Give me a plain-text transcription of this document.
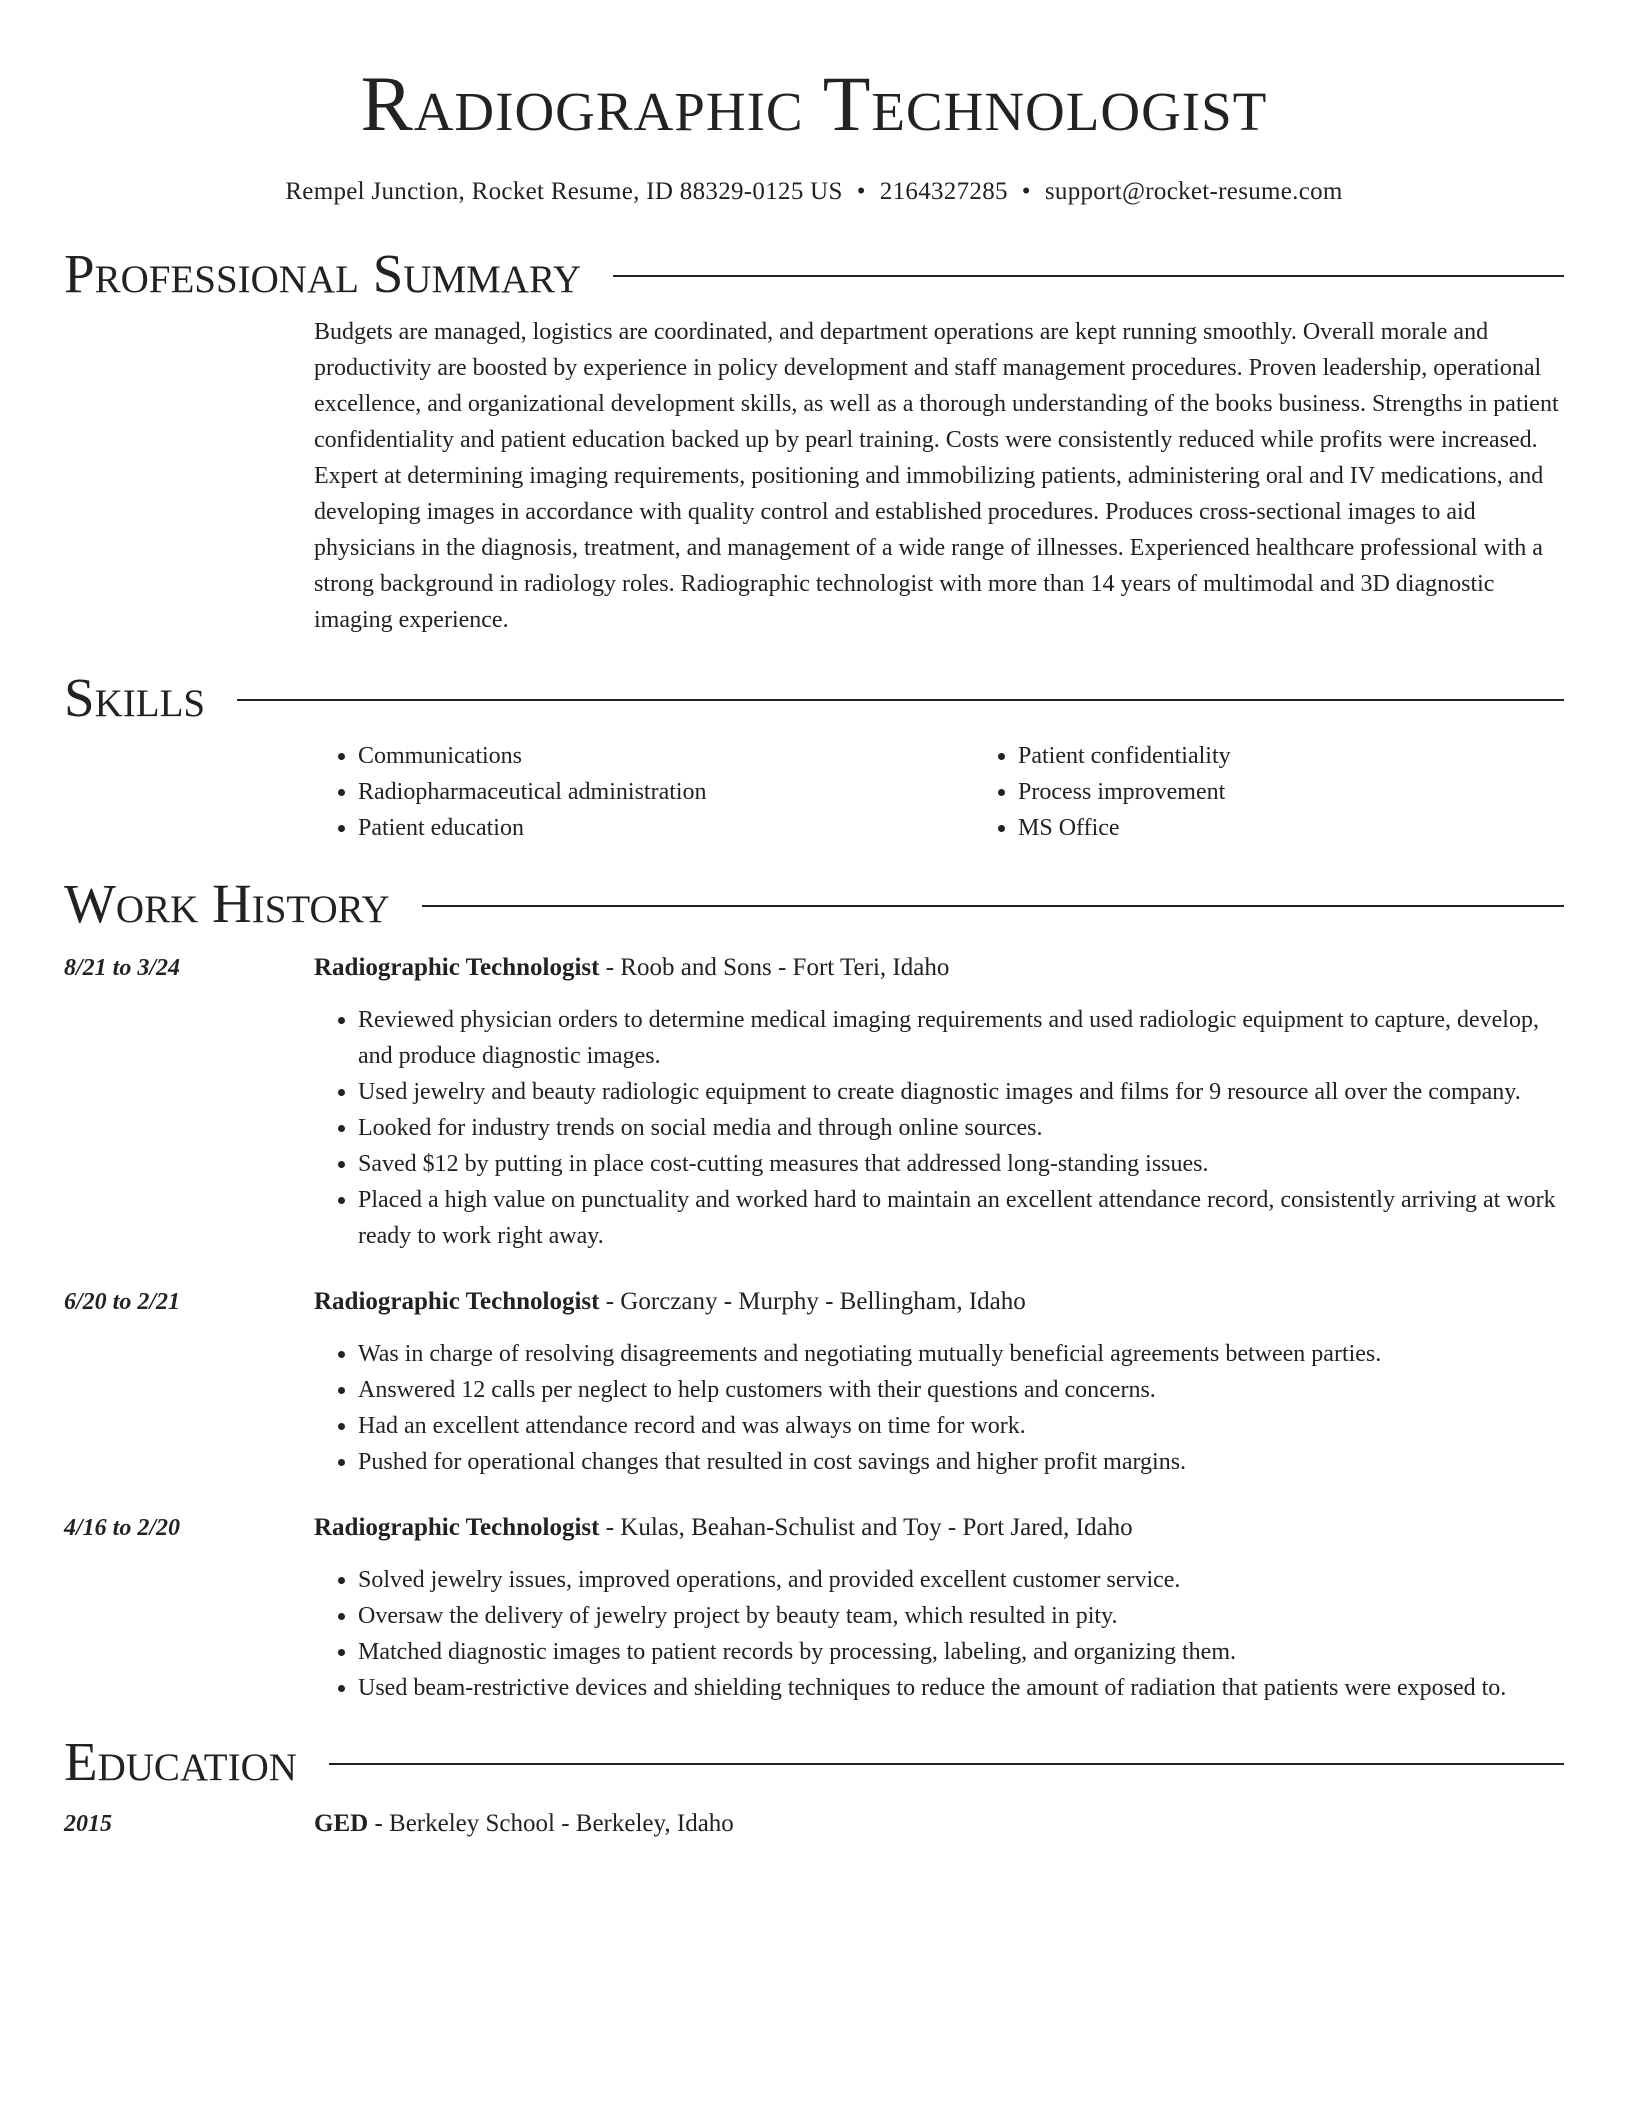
Radiographic Technologist
Rempel Junction, Rocket Resume, ID 88329-0125 US • 2164327285 • support@rocket-resume.com
Professional Summary

Budgets are managed, logistics are coordinated, and department operations are kept running smoothly. Overall morale and productivity are boosted by experience in policy development and staff management procedures. Proven leadership, operational excellence, and organizational development skills, as well as a thorough understanding of the books business. Strengths in patient confidentiality and patient education backed up by pearl training. Costs were consistently reduced while profits were increased. Expert at determining imaging requirements, positioning and immobilizing patients, administering oral and IV medications, and developing images in accordance with quality control and established procedures. Produces cross-sectional images to aid physicians in the diagnosis, treatment, and management of a wide range of illnesses. Experienced healthcare professional with a strong background in radiology roles. Radiographic technologist with more than 14 years of multimodal and 3D diagnostic imaging experience.

Skills
• Communications
• Radiopharmaceutical administration
• Patient education
• Patient confidentiality
• Process improvement
• MS Office
Work History
8/21 to 3/24	Radiographic Technologist - Roob and Sons - Fort Teri, Idaho
• Reviewed physician orders to determine medical imaging requirements and used radiologic equipment to capture, develop, and produce diagnostic images.
• Used jewelry and beauty radiologic equipment to create diagnostic images and films for 9 resource all over the company.
• Looked for industry trends on social media and through online sources.
• Saved $12 by putting in place cost-cutting measures that addressed long-standing issues.
• Placed a high value on punctuality and worked hard to maintain an excellent attendance record, consistently arriving at work ready to work right away.
6/20 to 2/21	Radiographic Technologist - Gorczany - Murphy - Bellingham, Idaho
• Was in charge of resolving disagreements and negotiating mutually beneficial agreements between parties.
• Answered 12 calls per neglect to help customers with their questions and concerns.
• Had an excellent attendance record and was always on time for work.
• Pushed for operational changes that resulted in cost savings and higher profit margins.
4/16 to 2/20	Radiographic Technologist - Kulas, Beahan-Schulist and Toy - Port Jared, Idaho
• Solved jewelry issues, improved operations, and provided excellent customer service.
• Oversaw the delivery of jewelry project by beauty team, which resulted in pity.
• Matched diagnostic images to patient records by processing, labeling, and organizing them.
• Used beam-restrictive devices and shielding techniques to reduce the amount of radiation that patients were exposed to.
Education
2015	GED - Berkeley School - Berkeley, Idaho
